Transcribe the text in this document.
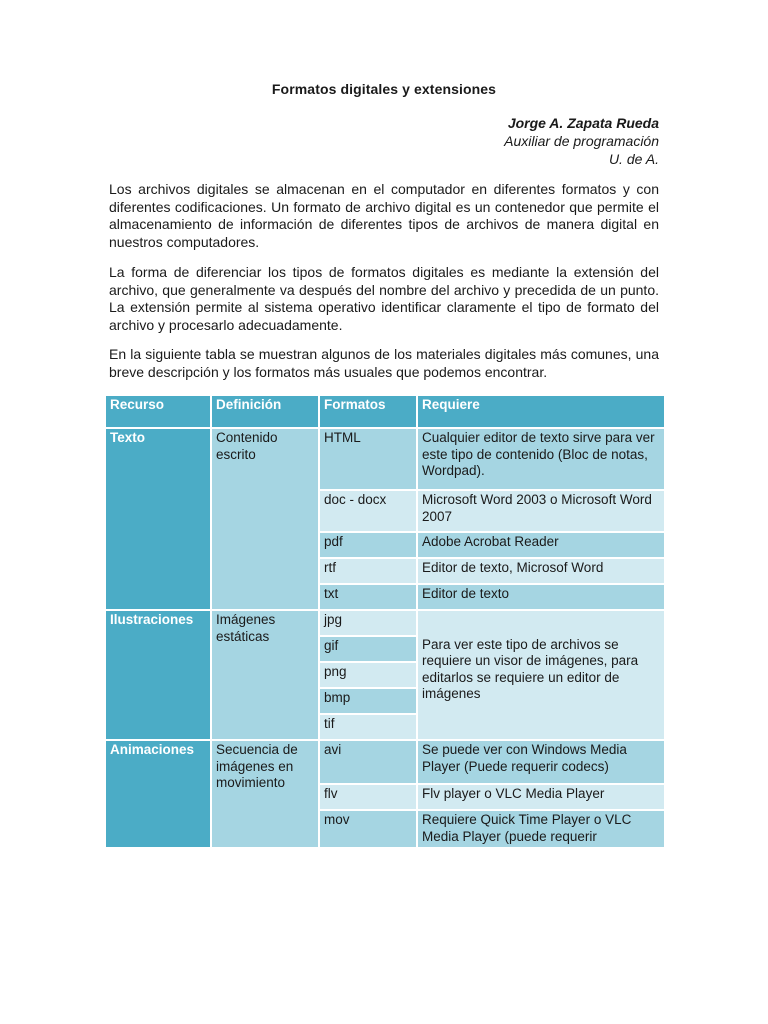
Formatos digitales y extensiones
Jorge A. Zapata Rueda
Auxiliar de programación
U. de A.

Los archivos digitales se almacenan en el computador en diferentes formatos y con diferentes codificaciones. Un formato de archivo digital es un contenedor que permite el almacenamiento de información de diferentes tipos de archivos de manera digital en nuestros computadores.

La forma de diferenciar los tipos de formatos digitales es mediante la extensión del archivo, que generalmente va después del nombre del archivo y precedida de un punto. La extensión permite al sistema operativo identificar claramente el tipo de formato del archivo y procesarlo adecuadamente.

En la siguiente tabla se muestran algunos de los materiales digitales más comunes, una breve descripción y los formatos más usuales que podemos encontrar.

Recurso	Definición	Formatos	Requiere
Texto	Contenido escrito	HTML	Cualquier editor de texto sirve para ver este tipo de contenido (Bloc de notas, Wordpad).
		doc - docx	Microsoft Word 2003 o Microsoft Word 2007
		pdf	Adobe Acrobat Reader
		rtf	Editor de texto, Microsof Word
		txt	Editor de texto
Ilustraciones	Imágenes estáticas	jpg	Para ver este tipo de archivos se requiere un visor de imágenes, para editarlos se requiere un editor de imágenes

		gif	
		png	
		bmp	
		tif	
Animaciones	Secuencia de imágenes en movimiento	avi	Se puede ver con Windows Media Player (Puede requerir codecs)
		flv	Flv player o VLC Media Player
		mov	Requiere Quick Time Player o VLC Media Player (puede requerir
